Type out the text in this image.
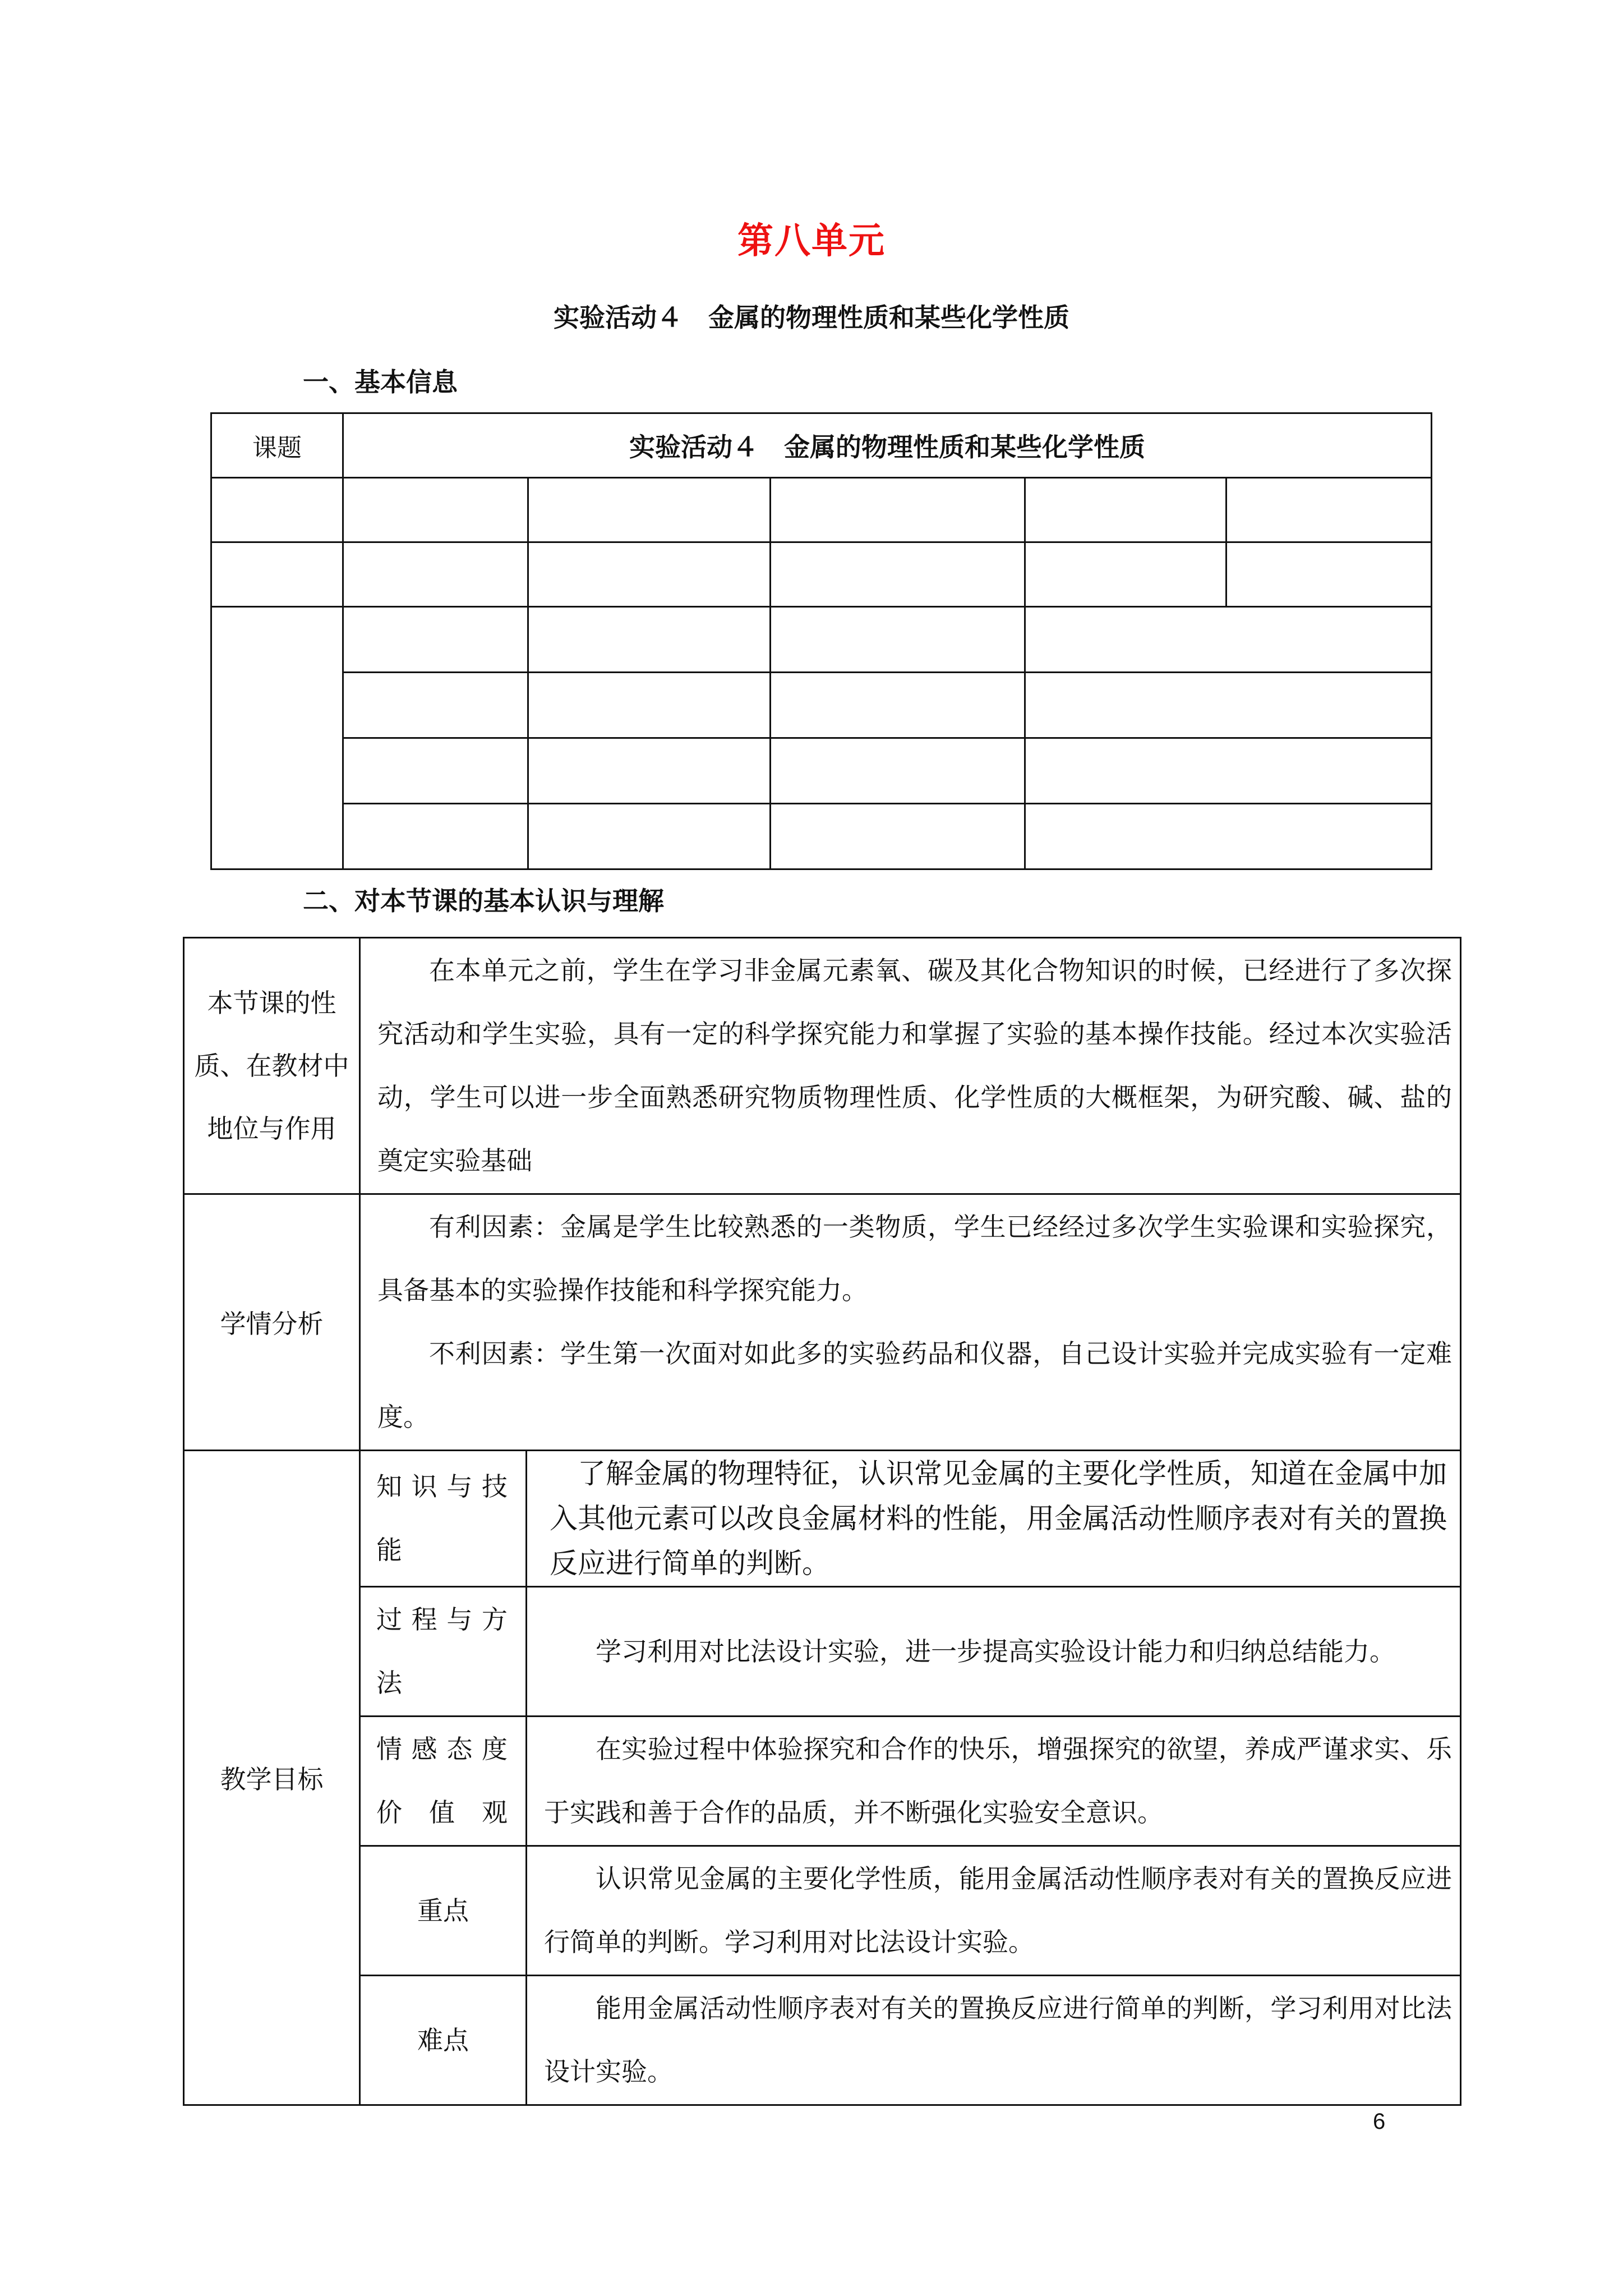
第八单元
实验活动４　金属的物理性质和某些化学性质
一、基本信息
课题	实验活动４　金属的物理性质和某些化学性质				

二、对本节课的基本认识与理解
本节课的性质、在教材中地位与作用	在本单元之前，学生在学习非金属元素氧、碳及其化合物知识的时候，已经进行了多次探究活动和学生实验，具有一定的科学探究能力和掌握了实验的基本操作技能。经过本次实验活动，学生可以进一步全面熟悉研究物质物理性质、化学性质的大概框架，为研究酸、碱、盐的奠定实验基础	
学情分析	有利因素：金属是学生比较熟悉的一类物质，学生已经经过多次学生实验课和实验探究，具备基本的实验操作技能和科学探究能力。

不利因素：学生第一次面对如此多的实验药品和仪器，自己设计实验并完成实验有一定难度。	

教学目标	知识与技能	了解金属的物理特征，认识常见金属的主要化学性质，知道在金属中加入其他元素可以改良金属材料的性能，用金属活动性顺序表对有关的置换反应进行简单的判断。
	过程与方法	学习利用对比法设计实验，进一步提高实验设计能力和归纳总结能力。
	情感态度价值观	在实验过程中体验探究和合作的快乐，增强探究的欲望，养成严谨求实、乐于实践和善于合作的品质，并不断强化实验安全意识。
	重点	认识常见金属的主要化学性质，能用金属活动性顺序表对有关的置换反应进行简单的判断。学习利用对比法设计实验。
	难点	能用金属活动性顺序表对有关的置换反应进行简单的判断，学习利用对比法设计实验。
6
